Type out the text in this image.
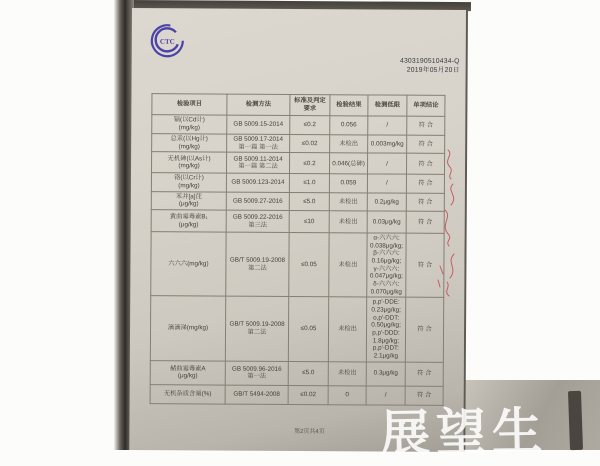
CTC
4303190510434-Q
2019年05月20日
检验项目	检测方法	标准及判定要求	检验结果	检测低限	单项结论
镉(以Cd计)
(mg/kg)	GB 5009.15-2014	≤0.2	0.056	/	符 合
总汞(以Hg计)
(mg/kg)	GB 5009.17-2014
第一篇 第一法	≤0.02	未检出	0.003mg/kg	符 合
无机砷(以As计)
(mg/kg)	GB 5009.11-2014
第一篇 第二法	≤0.2	0.046(总砷)	/	符 合
铬(以Cr计)
(mg/kg)	GB 5009.123-2014	≤1.0	0.059	/	符 合
苯并[a]芘
(μg/kg)	GB 5009.27-2016	≤5.0	未检出	0.2μg/kg	符 合
黄曲霉毒素B₁
(μg/kg)	GB 5009.22-2016
第三法	≤10	未检出	0.03μg/kg	符 合
六六六(mg/kg)	GB/T 5009.19-2008
第二法	≤0.05	未检出	α-六六六:
0.038μg/kg;
β-六六六:
0.16μg/kg;
γ-六六六:
0.047μg/kg;
δ-六六六:
0.070μg/kg	符 合
滴滴涕(mg/kg)	GB/T 5009.19-2008
第二法	≤0.05	未检出	p,p′-DDE:
0.23μg/kg;
o,p′-DDT:
0.50μg/kg;
p,p′-DDD:
1.8μg/kg;
p,p′-DDT:
2.1μg/kg	符 合
赭曲霉毒素A
(μg/kg)	GB 5009.96-2016
第一法	≤5.0	未检出	0.3μg/kg	符 合
无机杂质含量(%)	GB/T 5494-2008	≤0.02	0	/	符 合
第2页共4页	展望生
